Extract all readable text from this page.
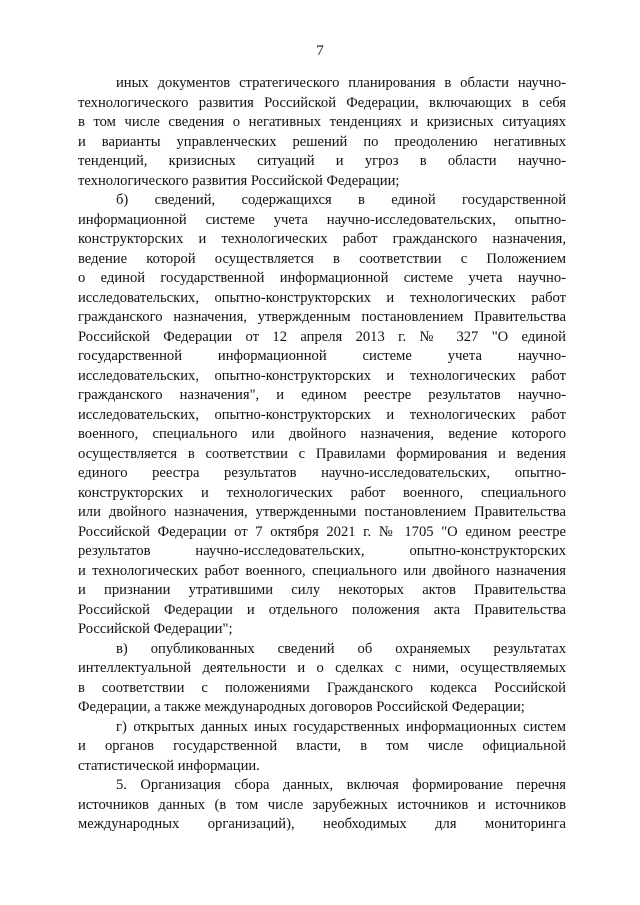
7
иных документов стратегического планирования в области научно-
технологического развития Российской Федерации, включающих в себя
в том числе сведения о негативных тенденциях и кризисных ситуациях
и варианты управленческих решений по преодолению негативных
тенденций, кризисных ситуаций и угроз в области научно-
технологического развития Российской Федерации;
б) сведений, содержащихся в единой государственной
информационной системе учета научно-исследовательских, опытно-
конструкторских и технологических работ гражданского назначения,
ведение которой осуществляется в соответствии с Положением
о единой государственной информационной системе учета научно-
исследовательских, опытно-конструкторских и технологических работ
гражданского назначения, утвержденным постановлением Правительства
Российской Федерации от 12 апреля 2013 г. № 327 "О единой
государственной информационной системе учета научно-
исследовательских, опытно-конструкторских и технологических работ
гражданского назначения", и едином реестре результатов научно-
исследовательских, опытно-конструкторских и технологических работ
военного, специального или двойного назначения, ведение которого
осуществляется в соответствии с Правилами формирования и ведения
единого реестра результатов научно-исследовательских, опытно-
конструкторских и технологических работ военного, специального
или двойного назначения, утвержденными постановлением Правительства
Российской Федерации от 7 октября 2021 г. № 1705 "О едином реестре
результатов научно-исследовательских, опытно-конструкторских
и технологических работ военного, специального или двойного назначения
и признании утратившими силу некоторых актов Правительства
Российской Федерации и отдельного положения акта Правительства
Российской Федерации";
в) опубликованных сведений об охраняемых результатах
интеллектуальной деятельности и о сделках с ними, осуществляемых
в соответствии с положениями Гражданского кодекса Российской
Федерации, а также международных договоров Российской Федерации;
г) открытых данных иных государственных информационных систем
и органов государственной власти, в том числе официальной
статистической информации.
5. Организация сбора данных, включая формирование перечня
источников данных (в том числе зарубежных источников и источников
международных организаций), необходимых для мониторинга
